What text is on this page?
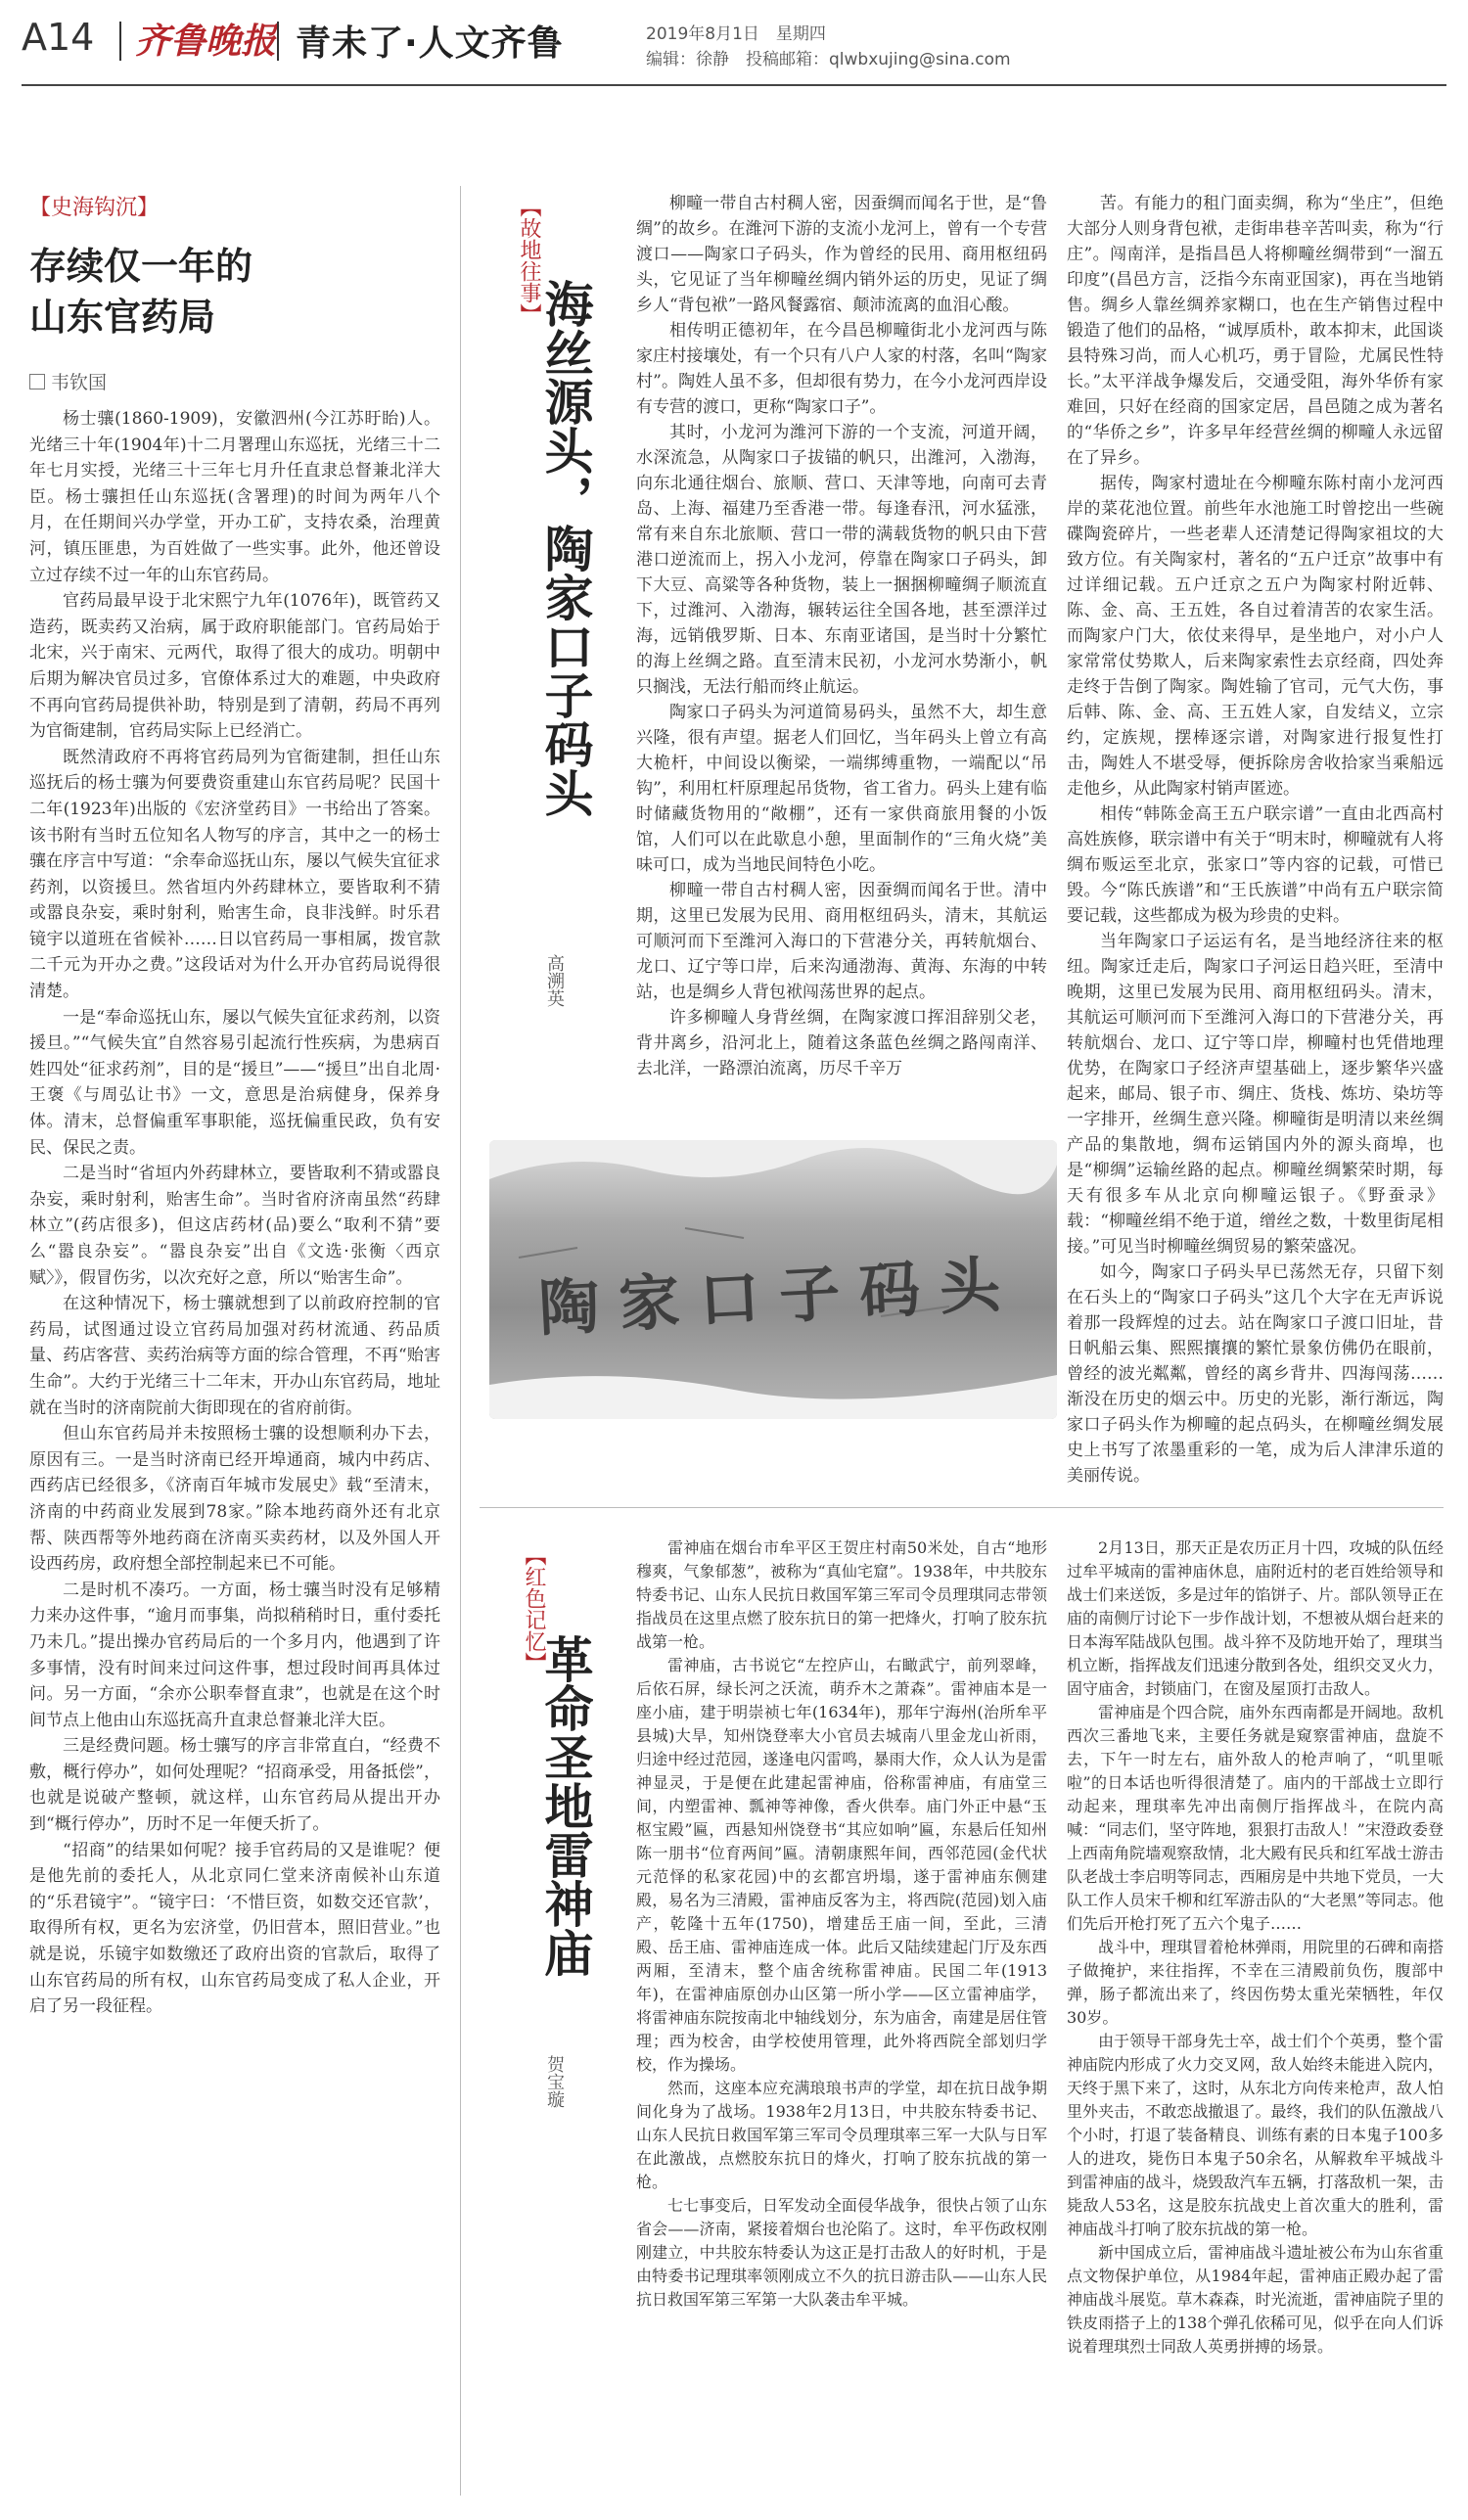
A14 齐鲁晚报 青未了·人文齐鲁	2019年8月1日　星期四
编辑：徐静　投稿邮箱：qlwbxujing@sina.com
【史海钩沉】
存续仅一年的
山东官药局
韦钦国

杨士骧(1860-1909)，安徽泗州(今江苏盱眙)人。光绪三十年(1904年)十二月署理山东巡抚，光绪三十二年七月实授，光绪三十三年七月升任直隶总督兼北洋大臣。杨士骧担任山东巡抚(含署理)的时间为两年八个月，在任期间兴办学堂，开办工矿，支持农桑，治理黄河，镇压匪患，为百姓做了一些实事。此外，他还曾设立过存续不过一年的山东官药局。

官药局最早设于北宋熙宁九年(1076年)，既管药又造药，既卖药又治病，属于政府职能部门。官药局始于北宋，兴于南宋、元两代，取得了很大的成功。明朝中后期为解决官员过多，官僚体系过大的难题，中央政府不再向官药局提供补助，特别是到了清朝，药局不再列为官衙建制，官药局实际上已经消亡。

既然清政府不再将官药局列为官衙建制，担任山东巡抚后的杨士骧为何要费资重建山东官药局呢？民国十二年(1923年)出版的《宏济堂药目》一书给出了答案。该书附有当时五位知名人物写的序言，其中之一的杨士骧在序言中写道：“余奉命巡抚山东，屡以气候失宜征求药剂，以资援旦。然省垣内外药肆林立，要皆取利不猜或嚣良杂妄，乘时射利，贻害生命，良非浅鲜。时乐君镜宇以道班在省候补……日以官药局一事相属，拨官款二千元为开办之费。”这段话对为什么开办官药局说得很清楚。

一是“奉命巡抚山东，屡以气候失宜征求药剂，以资援旦。”“气候失宜”自然容易引起流行性疾病，为患病百姓四处“征求药剂”，目的是“援旦”——“援旦”出自北周·王褒《与周弘让书》一文，意思是治病健身，保养身体。清末，总督偏重军事职能，巡抚偏重民政，负有安民、保民之责。

二是当时“省垣内外药肆林立，要皆取利不猜或嚣良杂妄，乘时射利，贻害生命”。当时省府济南虽然“药肆林立”(药店很多)，但这店药材(品)要么“取利不猜”要么“嚣良杂妄”。“嚣良杂妄”出自《文选·张衡〈西京赋〉》，假冒伤劣，以次充好之意，所以“贻害生命”。

在这种情况下，杨士骧就想到了以前政府控制的官药局，试图通过设立官药局加强对药材流通、药品质量、药店客营、卖药治病等方面的综合管理，不再“贻害生命”。大约于光绪三十二年末，开办山东官药局，地址就在当时的济南院前大街即现在的省府前街。

但山东官药局并未按照杨士骧的设想顺利办下去，原因有三。一是当时济南已经开埠通商，城内中药店、西药店已经很多，《济南百年城市发展史》载“至清末，济南的中药商业发展到78家。”除本地药商外还有北京帮、陕西帮等外地药商在济南买卖药材，以及外国人开设西药房，政府想全部控制起来已不可能。

二是时机不凑巧。一方面，杨士骧当时没有足够精力来办这件事，“逾月而事集，尚拟稍稍时日，重付委托乃未几。”提出操办官药局后的一个多月内，他遇到了许多事情，没有时间来过问这件事，想过段时间再具体过问。另一方面，“余亦公职奉督直隶”，也就是在这个时间节点上他由山东巡抚高升直隶总督兼北洋大臣。

三是经费问题。杨士骧写的序言非常直白，“经费不敷，概行停办”，如何处理呢？“招商承受，用备抵偿”，也就是说破产整顿，就这样，山东官药局从提出开办到“概行停办”，历时不足一年便夭折了。

“招商”的结果如何呢？接手官药局的又是谁呢？便是他先前的委托人，从北京同仁堂来济南候补山东道的“乐君镜宇”。“镜宇曰：‘不惜巨资，如数交还官款’，取得所有权，更名为宏济堂，仍旧营本，照旧营业。”也就是说，乐镜宇如数缴还了政府出资的官款后，取得了山东官药局的所有权，山东官药局变成了私人企业，开启了另一段征程。

【故地往事】
海丝源头，陶家口子码头
高溯英

柳疃一带自古村稠人密，因蚕绸而闻名于世，是“鲁绸”的故乡。在潍河下游的支流小龙河上，曾有一个专营渡口——陶家口子码头，作为曾经的民用、商用枢纽码头，它见证了当年柳疃丝绸内销外运的历史，见证了绸乡人“背包袱”一路风餐露宿、颠沛流离的血泪心酸。

相传明正德初年，在今昌邑柳疃街北小龙河西与陈家庄村接壤处，有一个只有八户人家的村落，名叫“陶家村”。陶姓人虽不多，但却很有势力，在今小龙河西岸设有专营的渡口，更称“陶家口子”。

其时，小龙河为潍河下游的一个支流，河道开阔，水深流急，从陶家口子拔锚的帆只，出潍河，入渤海，向东北通往烟台、旅顺、营口、天津等地，向南可去青岛、上海、福建乃至香港一带。每逢春汛，河水猛涨，常有来自东北旅顺、营口一带的满载货物的帆只由下营港口逆流而上，拐入小龙河，停靠在陶家口子码头，卸下大豆、高粱等各种货物，装上一捆捆柳疃绸子顺流直下，过潍河、入渤海，辗转运往全国各地，甚至漂洋过海，远销俄罗斯、日本、东南亚诸国，是当时十分繁忙的海上丝绸之路。直至清末民初，小龙河水势渐小，帆只搁浅，无法行船而终止航运。

陶家口子码头为河道简易码头，虽然不大，却生意兴隆，很有声望。据老人们回忆，当年码头上曾立有高大桅杆，中间设以衡梁，一端绑缚重物，一端配以“吊钩”，利用杠杆原理起吊货物，省工省力。码头上建有临时储藏货物用的“敞棚”，还有一家供商旅用餐的小饭馆，人们可以在此歇息小憩，里面制作的“三角火烧”美味可口，成为当地民间特色小吃。

柳疃一带自古村稠人密，因蚕绸而闻名于世。清中期，这里已发展为民用、商用枢纽码头，清末，其航运可顺河而下至潍河入海口的下营港分关，再转航烟台、龙口、辽宁等口岸，后来沟通渤海、黄海、东海的中转站，也是绸乡人背包袱闯荡世界的起点。

许多柳疃人身背丝绸，在陶家渡口挥泪辞别父老，背井离乡，沿河北上，随着这条蓝色丝绸之路闯南洋、去北洋，一路漂泊流离，历尽千辛万

陶家口子码头

苦。有能力的租门面卖绸，称为“坐庄”，但绝大部分人则身背包袱，走街串巷辛苦叫卖，称为“行庄”。闯南洋，是指昌邑人将柳疃丝绸带到“一溜五印度”(昌邑方言，泛指今东南亚国家)，再在当地销售。绸乡人靠丝绸养家糊口，也在生产销售过程中锻造了他们的品格，“诚厚质朴，敢本抑末，此国谈县特殊习尚，而人心机巧，勇于冒险，尤属民性特长。”太平洋战争爆发后，交通受阻，海外华侨有家难回，只好在经商的国家定居，昌邑随之成为著名的“华侨之乡”，许多早年经营丝绸的柳疃人永远留在了异乡。

据传，陶家村遗址在今柳疃东陈村南小龙河西岸的菜花池位置。前些年水池施工时曾挖出一些碗碟陶瓷碎片，一些老辈人还清楚记得陶家祖坟的大致方位。有关陶家村，著名的“五户迁京”故事中有过详细记载。五户迁京之五户为陶家村附近韩、陈、金、高、王五姓，各自过着清苦的农家生活。而陶家户门大，依仗来得早，是坐地户，对小户人家常常仗势欺人，后来陶家索性去京经商，四处奔走终于告倒了陶家。陶姓输了官司，元气大伤，事后韩、陈、金、高、王五姓人家，自发结义，立宗约，定族规，摆棒逐宗谱，对陶家进行报复性打击，陶姓人不堪受辱，便拆除房舍收拾家当乘船远走他乡，从此陶家村销声匿迹。

相传“韩陈金高王五户联宗谱”一直由北西高村高姓族修，联宗谱中有关于“明末时，柳疃就有人将绸布贩运至北京，张家口”等内容的记载，可惜已毁。今“陈氏族谱”和“王氏族谱”中尚有五户联宗简要记载，这些都成为极为珍贵的史料。

当年陶家口子运运有名，是当地经济往来的枢纽。陶家迁走后，陶家口子河运日趋兴旺，至清中晚期，这里已发展为民用、商用枢纽码头。清末，其航运可顺河而下至潍河入海口的下营港分关，再转航烟台、龙口、辽宁等口岸，柳疃村也凭借地理优势，在陶家口子经济声望基础上，逐步繁华兴盛起来，邮局、银子市、绸庄、货栈、炼坊、染坊等一字排开，丝绸生意兴隆。柳疃街是明清以来丝绸产品的集散地，绸布运销国内外的源头商埠，也是“柳绸”运输丝路的起点。柳疃丝绸繁荣时期，每天有很多车从北京向柳疃运银子。《野蚕录》载：“柳疃丝绢不绝于道，缯丝之数，十数里街尾相接。”可见当时柳疃丝绸贸易的繁荣盛况。

如今，陶家口子码头早已荡然无存，只留下刻在石头上的“陶家口子码头”这几个大字在无声诉说着那一段辉煌的过去。站在陶家口子渡口旧址，昔日帆船云集、熙熙攘攘的繁忙景象仿佛仍在眼前，曾经的波光粼粼，曾经的离乡背井、四海闯荡……渐没在历史的烟云中。历史的光影，渐行渐远，陶家口子码头作为柳疃的起点码头，在柳疃丝绸发展史上书写了浓墨重彩的一笔，成为后人津津乐道的美丽传说。

【红色记忆】
革命圣地雷神庙
贺宝璇

雷神庙在烟台市牟平区王贺庄村南50米处，自古“地形穆爽，气象郁葱”，被称为“真仙宅窟”。1938年，中共胶东特委书记、山东人民抗日救国军第三军司令员理琪同志带领指战员在这里点燃了胶东抗日的第一把烽火，打响了胶东抗战第一枪。

雷神庙，古书说它“左控庐山，右瞰武宁，前列翠峰，后依石屏，绿长河之沃流，萌乔木之萧森”。雷神庙本是一座小庙，建于明崇祯七年(1634年)，那年宁海州(治所牟平县城)大旱，知州饶登率大小官员去城南八里金龙山祈雨，归途中经过范园，遂逢电闪雷鸣，暴雨大作，众人认为是雷神显灵，于是便在此建起雷神庙，俗称雷神庙，有庙堂三间，内塑雷神、瓢神等神像，香火供奉。庙门外正中悬“玉枢宝殿”匾，西悬知州饶登书“其应如响”匾，东悬后任知州陈一朋书“位育两间”匾。清朝康熙年间，西邻范园(金代状元范怿的私家花园)中的玄都宫坍塌，遂于雷神庙东侧建殿，易名为三清殿，雷神庙反客为主，将西院(范园)划入庙产，乾隆十五年(1750)，增建岳王庙一间，至此，三清殿、岳王庙、雷神庙连成一体。此后又陆续建起门厅及东西两厢，至清末，整个庙舍统称雷神庙。民国二年(1913年)，在雷神庙原创办山区第一所小学——区立雷神庙学，将雷神庙东院按南北中轴线划分，东为庙舍，南建是居住管理；西为校舍，由学校使用管理，此外将西院全部划归学校，作为操场。

然而，这座本应充满琅琅书声的学堂，却在抗日战争期间化身为了战场。1938年2月13日，中共胶东特委书记、山东人民抗日救国军第三军司令员理琪率三军一大队与日军在此激战，点燃胶东抗日的烽火，打响了胶东抗战的第一枪。

七七事变后，日军发动全面侵华战争，很快占领了山东省会——济南，紧接着烟台也沦陷了。这时，牟平伤政权刚刚建立，中共胶东特委认为这正是打击敌人的好时机，于是由特委书记理琪率领刚成立不久的抗日游击队——山东人民抗日救国军第三军第一大队袭击牟平城。

2月13日，那天正是农历正月十四，攻城的队伍经过牟平城南的雷神庙休息，庙附近村的老百姓给领导和战士们来送饭，多是过年的馅饼子、片。部队领导正在庙的南侧厅讨论下一步作战计划，不想被从烟台赶来的日本海军陆战队包围。战斗猝不及防地开始了，理琪当机立断，指挥战友们迅速分散到各处，组织交叉火力，固守庙舍，封锁庙门，在窗及屋顶打击敌人。

雷神庙是个四合院，庙外东西南都是开阔地。敌机西次三番地飞来，主要任务就是窥察雷神庙，盘旋不去，下午一时左右，庙外敌人的枪声响了，“叽里哌啦”的日本话也听得很清楚了。庙内的干部战士立即行动起来，理琪率先冲出南侧厅指挥战斗，在院内高喊：“同志们，坚守阵地，狠狠打击敌人！”宋澄政委登上西南角院墙观察敌情，北大殿有民兵和红军战士游击队老战士李启明等同志，西厢房是中共地下党员，一大队工作人员宋千柳和红军游击队的“大老黑”等同志。他们先后开枪打死了五六个鬼子……

战斗中，理琪冒着枪林弹雨，用院里的石碑和南搭子做掩护，来往指挥，不幸在三清殿前负伤，腹部中弹，肠子都流出来了，终因伤势太重光荣牺牲，年仅30岁。

由于领导干部身先士卒，战士们个个英勇，整个雷神庙院内形成了火力交叉网，敌人始终未能进入院内，天终于黑下来了，这时，从东北方向传来枪声，敌人怕里外夹击，不敢恋战撤退了。最终，我们的队伍激战八个小时，打退了装备精良、训练有素的日本鬼子100多人的进攻，毙伤日本鬼子50余名，从解救牟平城战斗到雷神庙的战斗，烧毁敌汽车五辆，打落敌机一架，击毙敌人53名，这是胶东抗战史上首次重大的胜利，雷神庙战斗打响了胶东抗战的第一枪。

新中国成立后，雷神庙战斗遗址被公布为山东省重点文物保护单位，从1984年起，雷神庙正殿办起了雷神庙战斗展览。草木森森，时光流逝，雷神庙院子里的铁皮雨搭子上的138个弹孔依稀可见，似乎在向人们诉说着理琪烈士同敌人英勇拼搏的场景。
